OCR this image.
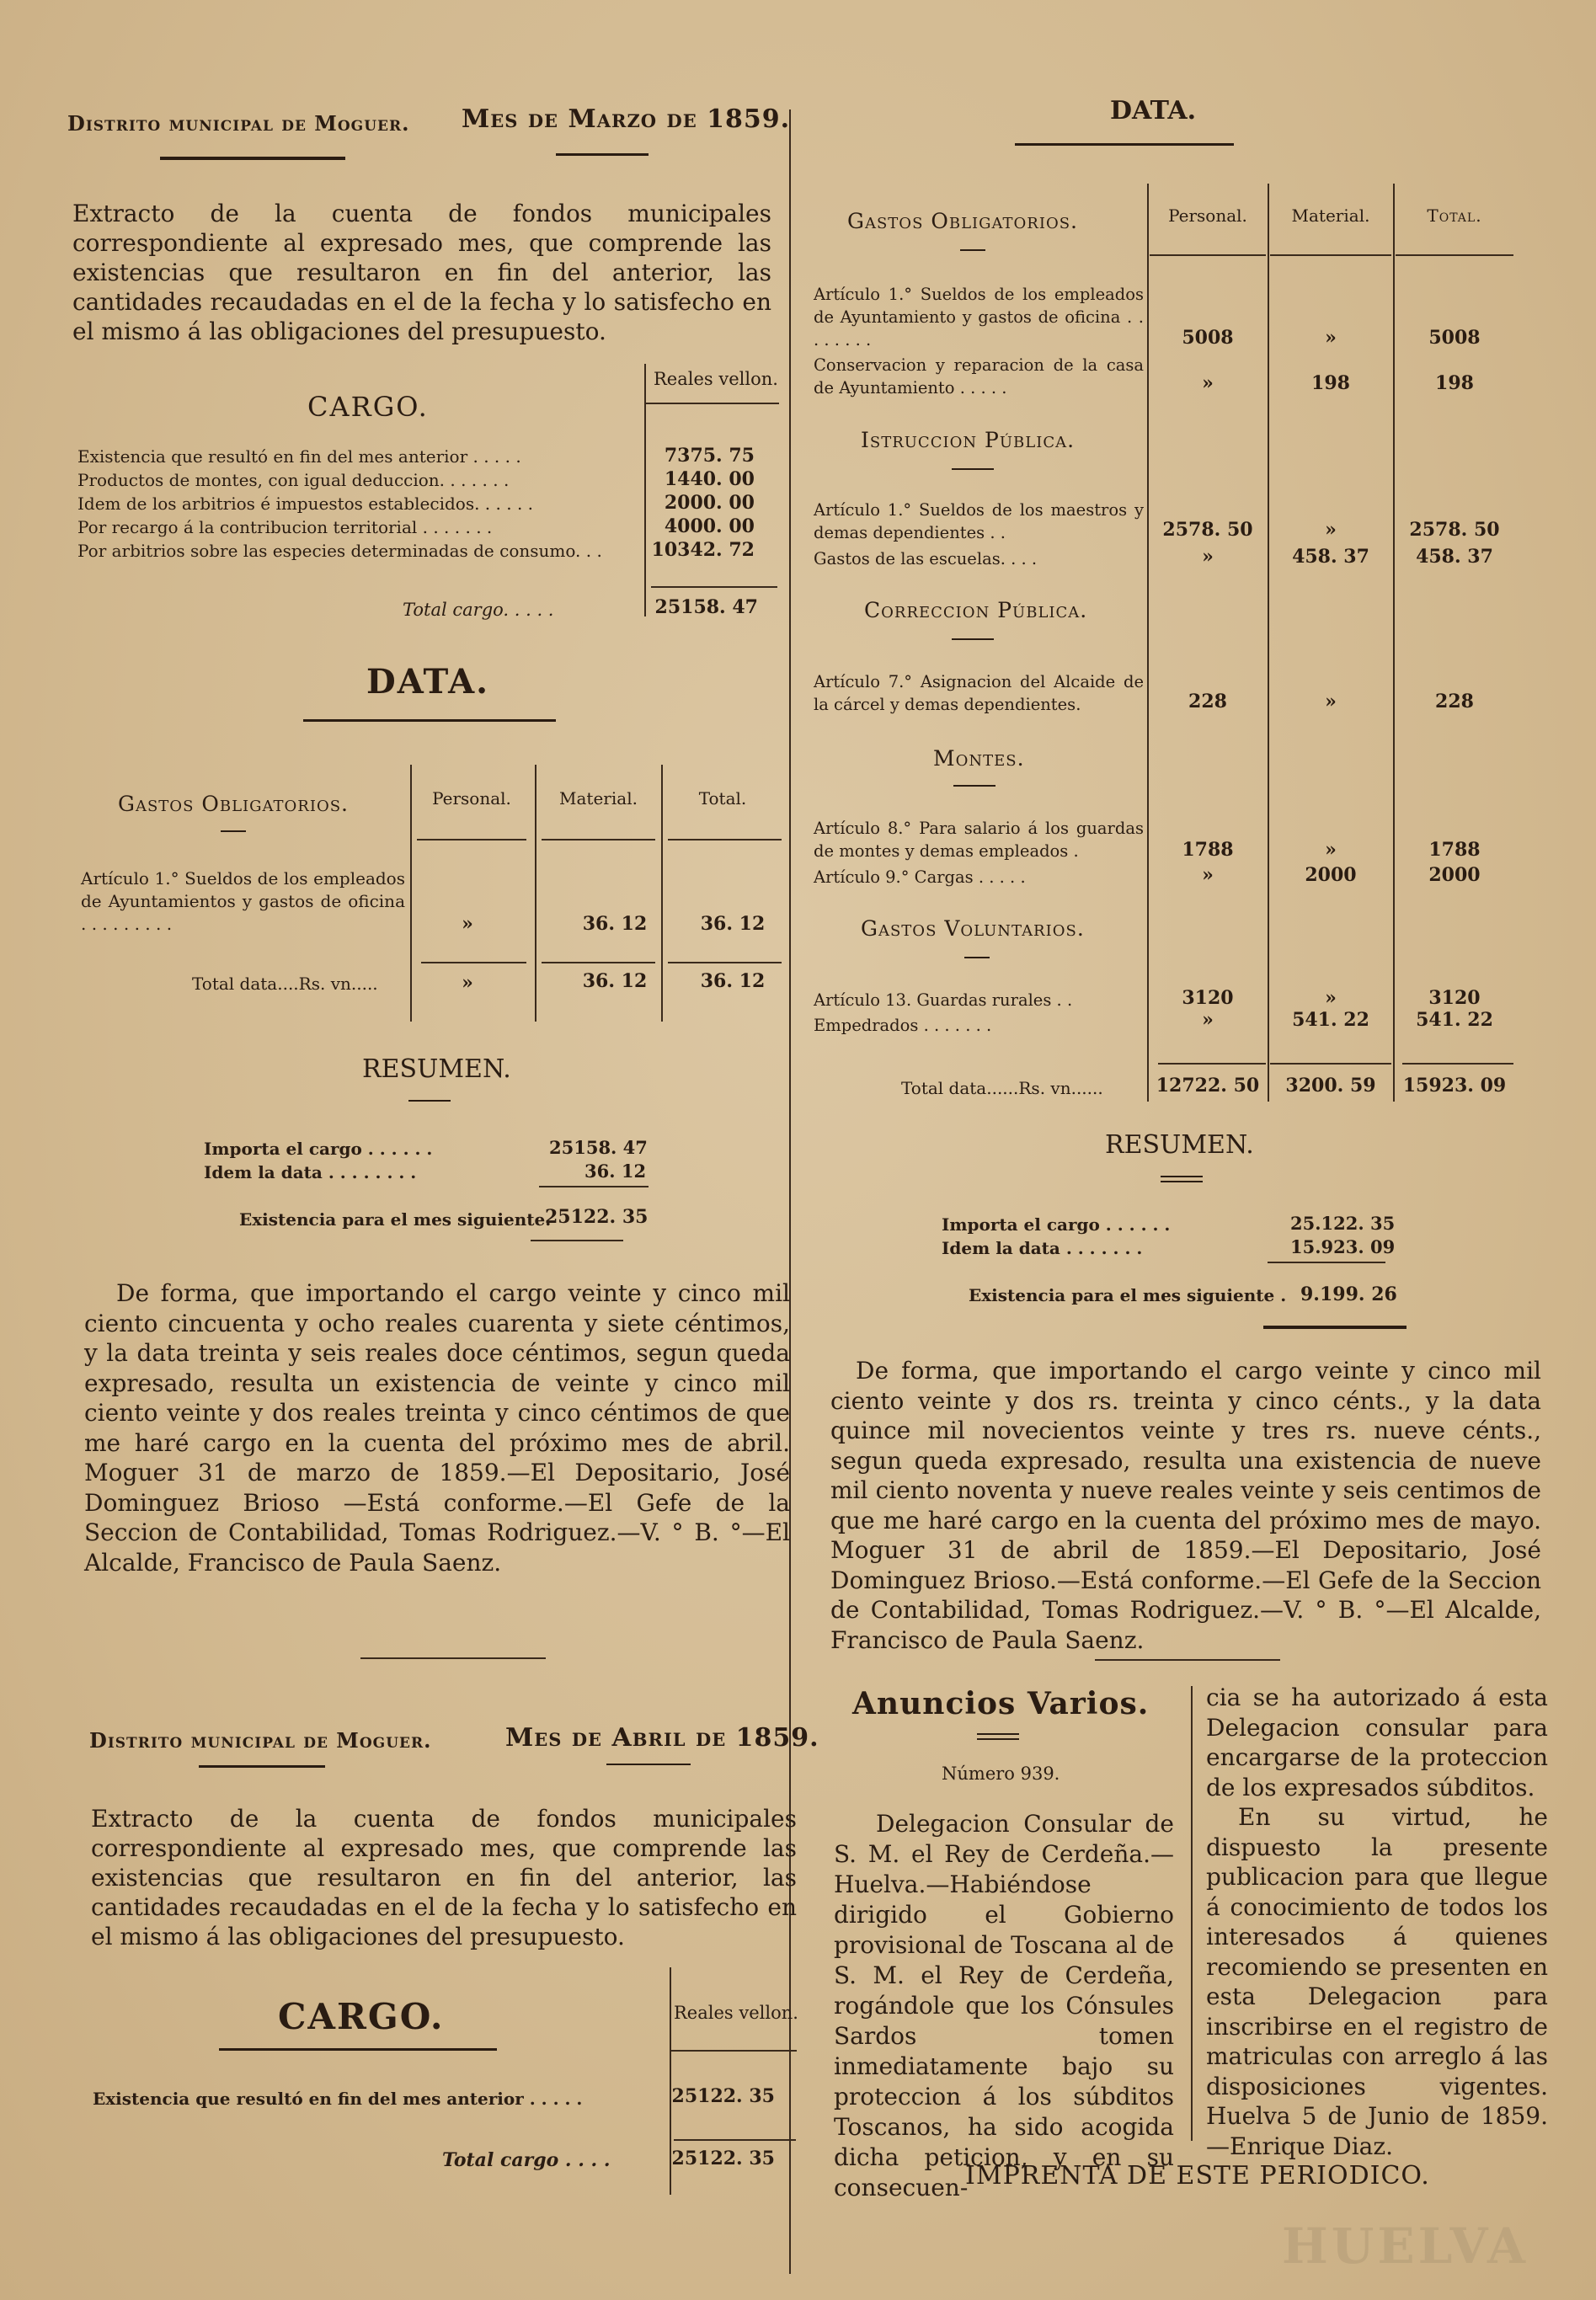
Distrito municipal de Moguer. Mes de Marzo de 1859.

Extracto de la cuenta de fondos municipales correspondiente al expresado mes, que comprende las existencias que resultaron en fin del anterior, las cantidades recaudadas en el de la fecha y lo satisfecho en el mismo á las obligaciones del presupuesto.

Reales vellon.
CARGO.
Existencia que resultó en fin del mes anterior . . . . .	7375. 75
Productos de montes, con igual deduccion. . . . . . .	1440. 00
Idem de los arbitrios é impuestos establecidos. . . . . .	2000. 00
Por recargo á la contribucion territorial . . . . . . .	4000. 00
Por arbitrios sobre las especies determinadas de consumo. . .	10342. 72
Total cargo. . . . .	25158. 47
DATA.
Gastos Obligatorios.	Personal.	Material.	Total.
Artículo 1.° Sueldos de los empleados de Ayuntamientos y gastos de oficina . . . . . . . . .	»	36. 12	36. 12
Total data....Rs. vn.....	»	36. 12	36. 12
RESUMEN.
Importa el cargo . . . . . .	25158. 47
Idem la data . . . . . . . .	36. 12
Existencia para el mes siguiente.
25122. 35

De forma, que importando el cargo veinte y cinco mil ciento cincuenta y ocho reales cuarenta y siete céntimos, y la data treinta y seis reales doce céntimos, segun queda expresado, resulta un existencia de veinte y cinco mil ciento veinte y dos reales treinta y cinco céntimos de que me haré cargo en la cuenta del próximo mes de abril. Moguer 31 de marzo de 1859.—El Depositario, José Dominguez Brioso —Está conforme.—El Gefe de la Seccion de Contabilidad, Tomas Rodriguez.—V. ° B. °—El Alcalde, Francisco de Paula Saenz.

Distrito municipal de Moguer.	Mes de Abril de 1859.

Extracto de la cuenta de fondos municipales correspondiente al expresado mes, que comprende las existencias que resultaron en fin del anterior, las cantidades recaudadas en el de la fecha y lo satisfecho en el mismo á las obligaciones del presupuesto.

Reales vellon.
CARGO.
Existencia que resultó en fin del mes anterior . . . . .	25122. 35
Total cargo . . . .	25122. 35
DATA.
Gastos Obligatorios.	Personal.	Material.	Total.
Artículo 1.° Sueldos de los empleados de Ayuntamiento y gastos de oficina . . . . . . . .	5008	»	5008
Conservacion y reparacion de la casa de Ayuntamiento . . . . .	»	198	198
Artículo 1.° Sueldos de los maestros y demas dependientes . .	2578. 50	»	2578. 50
Gastos de las escuelas. . . .	»	458. 37	458. 37
Artículo 7.° Asignacion del Alcaide de la cárcel y demas dependientes.	228	»	228
Artículo 8.° Para salario á los guardas de montes y demas empleados .	1788	»	1788
Artículo 9.° Cargas . . . . .	»	2000	2000
Artículo 13. Guardas rurales . .	3120	»	3120
Empedrados . . . . . . .	»	541. 22	541. 22
Istruccion Pública.
Correccion Pública.
Montes.
Gastos Voluntarios.
Total data......Rs. vn......	12722. 50	3200. 59	15923. 09
RESUMEN.
Importa el cargo . . . . . .	25.122. 35
Idem la data . . . . . . .	15.923. 09
Existencia para el mes siguiente . 9.199. 26

De forma, que importando el cargo veinte y cinco mil ciento veinte y dos rs. treinta y cinco cénts., y la data quince mil novecientos veinte y tres rs. nueve cénts., segun queda expresado, resulta una existencia de nueve mil ciento noventa y nueve reales veinte y seis centimos de que me haré cargo en la cuenta del próximo mes de mayo. Moguer 31 de abril de 1859.—El Depositario, José Dominguez Brioso.—Está conforme.—El Gefe de la Seccion de Contabilidad, Tomas Rodriguez.—V. ° B. °—El Alcalde, Francisco de Paula Saenz.

Anuncios Varios.
Número 939.

Delegacion Consular de S. M. el Rey de Cerdeña.—Huelva.—Habiéndose dirigido el Gobierno provisional de Toscana al de S. M. el Rey de Cerdeña, rogándole que los Cónsules Sardos tomen inmediatamente bajo su proteccion á los súbditos Toscanos, ha sido acogida dicha peticion, y en su consecuen-

cia se ha autorizado á esta Delegacion consular para encargarse de la proteccion de los expresados súbditos.

En su virtud, he dispuesto la presente publicacion para que llegue á conocimiento de todos los interesados á quienes recomiendo se presenten en esta Delegacion para inscribirse en el registro de matriculas con arreglo á las disposiciones vigentes. Huelva 5 de Junio de 1859.—Enrique Diaz.

IMPRENTA DE ESTE PERIODICO.
HUELVA
